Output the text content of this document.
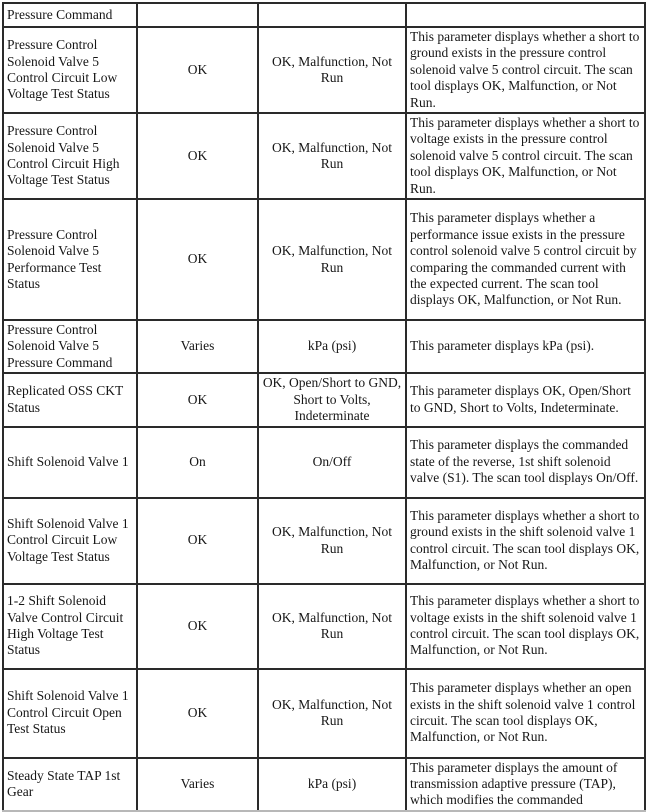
Pressure Command			
Pressure Control Solenoid Valve 5 Control Circuit Low Voltage Test Status	OK	OK, Malfunction, Not Run	This parameter displays whether a short to ground exists in the pressure control solenoid valve 5 control circuit. The scan tool displays OK, Malfunction, or Not Run.
Pressure Control Solenoid Valve 5 Control Circuit High Voltage Test Status	OK	OK, Malfunction, Not Run	This parameter displays whether a short to voltage exists in the pressure control solenoid valve 5 control circuit. The scan tool displays OK, Malfunction, or Not Run.
Pressure Control Solenoid Valve 5 Performance Test Status	OK	OK, Malfunction, Not Run	This parameter displays whether a performance issue exists in the pressure control solenoid valve 5 control circuit by comparing the commanded current with the expected current. The scan tool displays OK, Malfunction, or Not Run.
Pressure Control Solenoid Valve 5 Pressure Command	Varies	kPa (psi)	This parameter displays kPa (psi).
Replicated OSS CKT Status	OK	OK, Open/Short to GND, Short to Volts, Indeterminate	This parameter displays OK, Open/Short to GND, Short to Volts, Indeterminate.
Shift Solenoid Valve 1	On	On/Off	This parameter displays the commanded state of the reverse, 1st shift solenoid valve (S1). The scan tool displays On/Off.
Shift Solenoid Valve 1 Control Circuit Low Voltage Test Status	OK	OK, Malfunction, Not Run	This parameter displays whether a short to ground exists in the shift solenoid valve 1 control circuit. The scan tool displays OK, Malfunction, or Not Run.
1-2 Shift Solenoid Valve Control Circuit High Voltage Test Status	OK	OK, Malfunction, Not Run	This parameter displays whether a short to voltage exists in the shift solenoid valve 1 control circuit. The scan tool displays OK, Malfunction, or Not Run.
Shift Solenoid Valve 1 Control Circuit Open Test Status	OK	OK, Malfunction, Not Run	This parameter displays whether an open exists in the shift solenoid valve 1 control circuit. The scan tool displays OK, Malfunction, or Not Run.
Steady State TAP 1st Gear	Varies	kPa (psi)	This parameter displays the amount of transmission adaptive pressure (TAP), which modifies the commanded
